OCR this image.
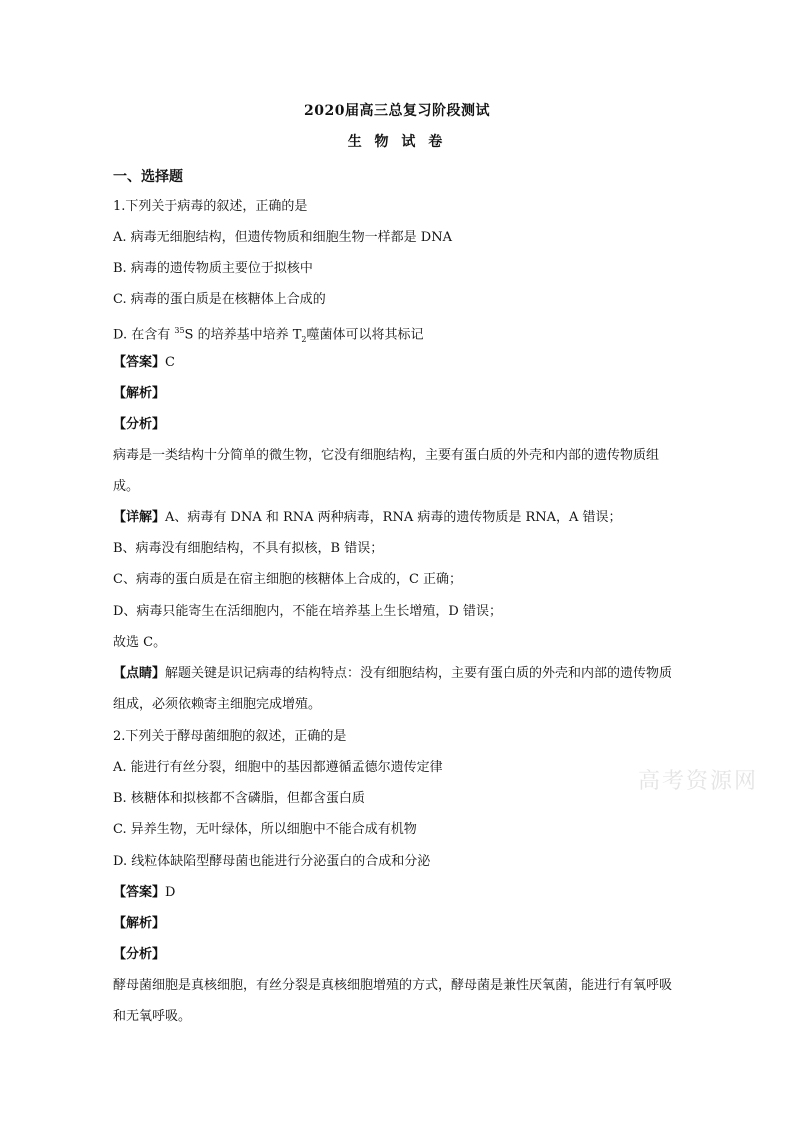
2020届高三总复习阶段测试
生 物 试 卷
一、选择题
1.下列关于病毒的叙述，正确的是
A. 病毒无细胞结构，但遗传物质和细胞生物一样都是 DNA
B. 病毒的遗传物质主要位于拟核中
C. 病毒的蛋白质是在核糖体上合成的
D. 在含有 $^{35}$S 的培养基中培养 $T_2$噬菌体可以将其标记
【答案】C
【解析】
【分析】
病毒是一类结构十分简单的微生物，它没有细胞结构，主要有蛋白质的外壳和内部的遗传物质组成。
【详解】A、病毒有 DNA 和 RNA 两种病毒，RNA 病毒的遗传物质是 RNA，A 错误；
B、病毒没有细胞结构，不具有拟核，B 错误；
C、病毒的蛋白质是在宿主细胞的核糖体上合成的，C 正确；
D、病毒只能寄生在活细胞内，不能在培养基上生长增殖，D 错误；
故选 C。
【点睛】解题关键是识记病毒的结构特点：没有细胞结构，主要有蛋白质的外壳和内部的遗传物质组成，必须依赖寄主细胞完成增殖。
2.下列关于酵母菌细胞的叙述，正确的是
A. 能进行有丝分裂，细胞中的基因都遵循孟德尔遗传定律
B. 核糖体和拟核都不含磷脂，但都含蛋白质
C. 异养生物，无叶绿体，所以细胞中不能合成有机物
D. 线粒体缺陷型酵母菌也能进行分泌蛋白的合成和分泌
【答案】D
【解析】
【分析】
酵母菌细胞是真核细胞，有丝分裂是真核细胞增殖的方式，酵母菌是兼性厌氧菌，能进行有氧呼吸和无氧呼吸。
高考资源网
